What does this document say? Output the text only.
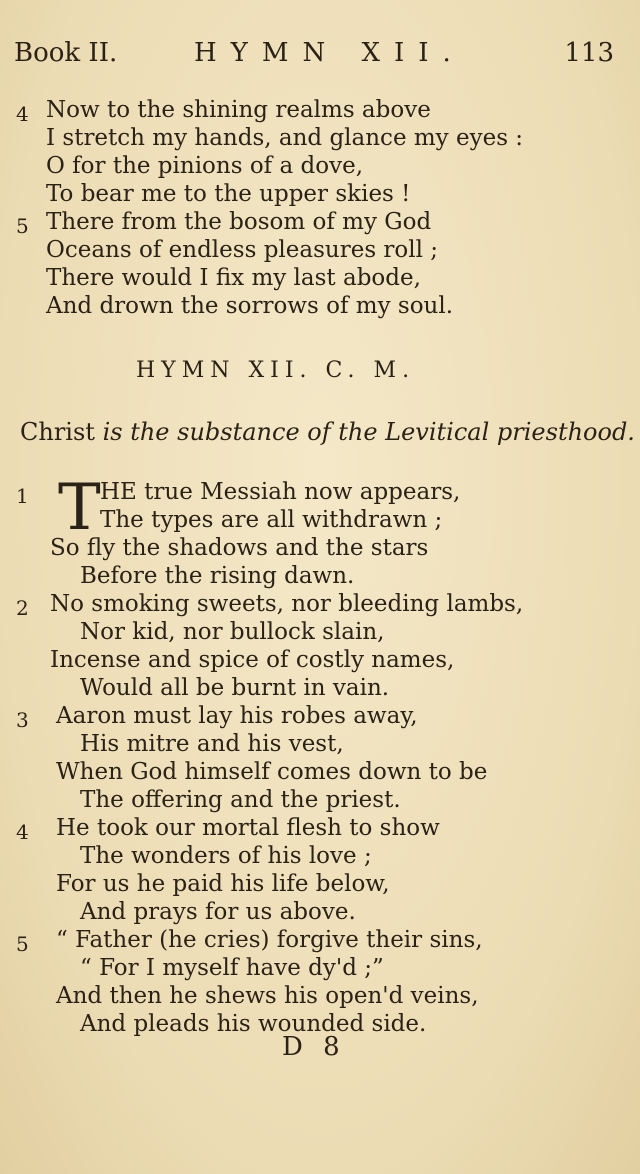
Book II.	HYMN XII.	113
4 Now to the shining realms above
I stretch my hands, and glance my eyes :
O for the pinions of a dove,
To bear me to the upper skies !
5 There from the bosom of my God
Oceans of endless pleasures roll ;
There would I fix my last abode,
And drown the sorrows of my soul.
HYMN XII. C. M.
Christ is the substance of the Levitical priesthood.
T
1	HE true Messiah now appears,
The types are all withdrawn ;
So fly the shadows and the stars
Before the rising dawn.
2 No smoking sweets, nor bleeding lambs,
Nor kid, nor bullock slain,
Incense and spice of costly names,
Would all be burnt in vain.
3 Aaron must lay his robes away,
His mitre and his vest,
When God himself comes down to be
The offering and the priest.
4 He took our mortal flesh to show
The wonders of his love ;
For us he paid his life below,
And prays for us above.
5 “ Father (he cries) forgive their sins,
“ For I myself have dy'd ;”
And then he shews his open'd veins,
And pleads his wounded side.
D 8
